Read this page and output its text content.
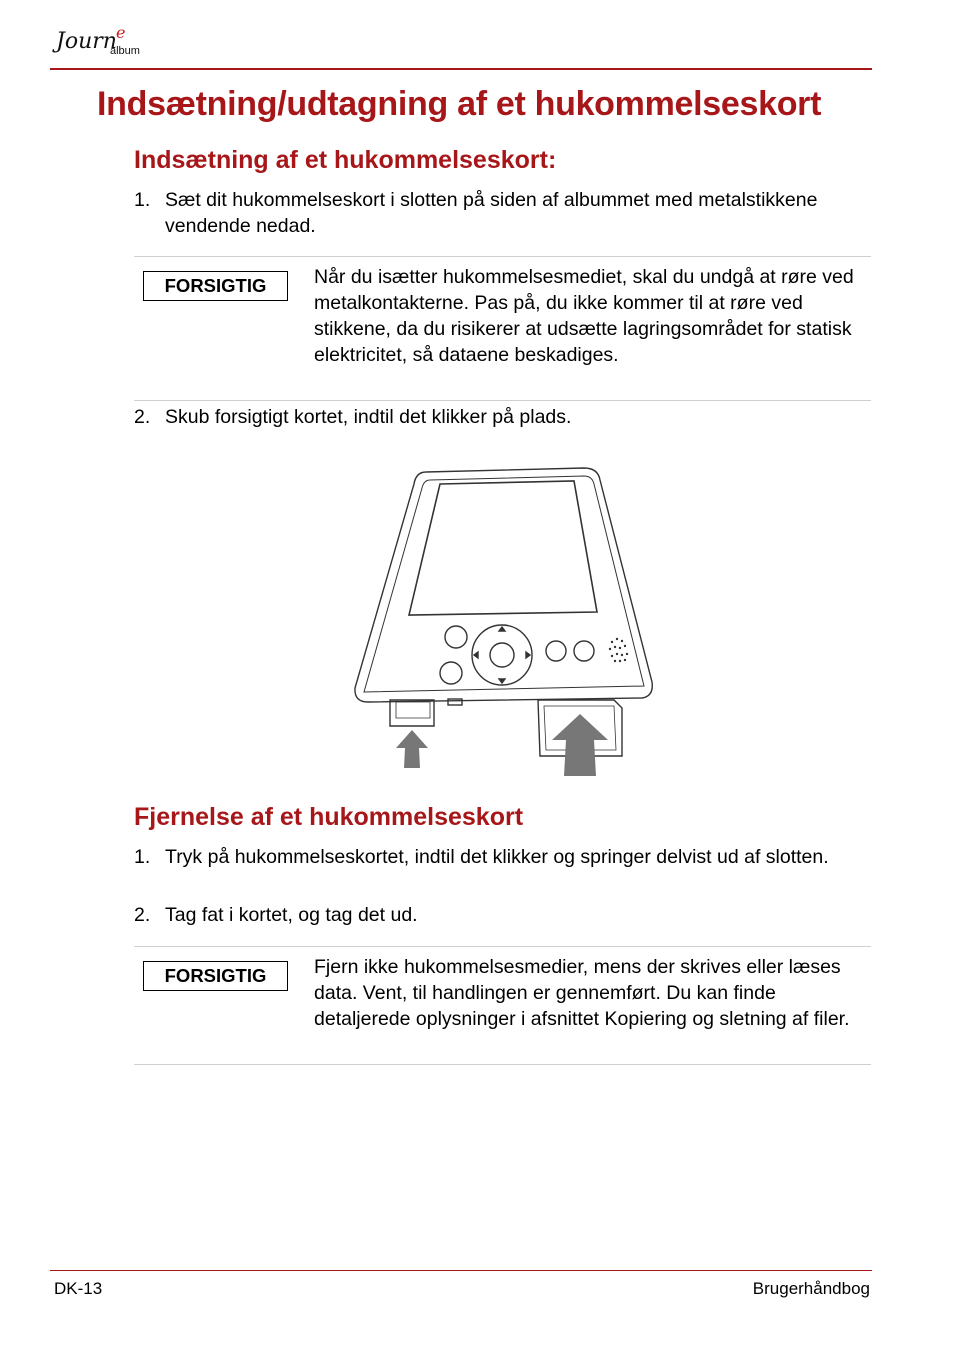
Journ e
album
Indsætning/udtagning af et hukommelseskort
Indsætning af et hukommelseskort:
1. Sæt dit hukommelseskort i slotten på siden af albummet med metalstikkene vendende nedad.
FORSIGTIG	Når du isætter hukommelsesmediet, skal du undgå at røre ved metalkontakterne. Pas på, du ikke kommer til at røre ved stikkene, da du risikerer at udsætte lagringsområdet for statisk elektricitet, så dataene beskadiges.
2. Skub forsigtigt kortet, indtil det klikker på plads.
Fjernelse af et hukommelseskort
1. Tryk på hukommelseskortet, indtil det klikker og springer delvist ud af slotten.
2. Tag fat i kortet, og tag det ud.
FORSIGTIG	Fjern ikke hukommelsesmedier, mens der skrives eller læses data. Vent, til handlingen er gennemført. Du kan finde detaljerede oplysninger i afsnittet Kopiering og sletning af filer.
DK-13	Brugerhåndbog
